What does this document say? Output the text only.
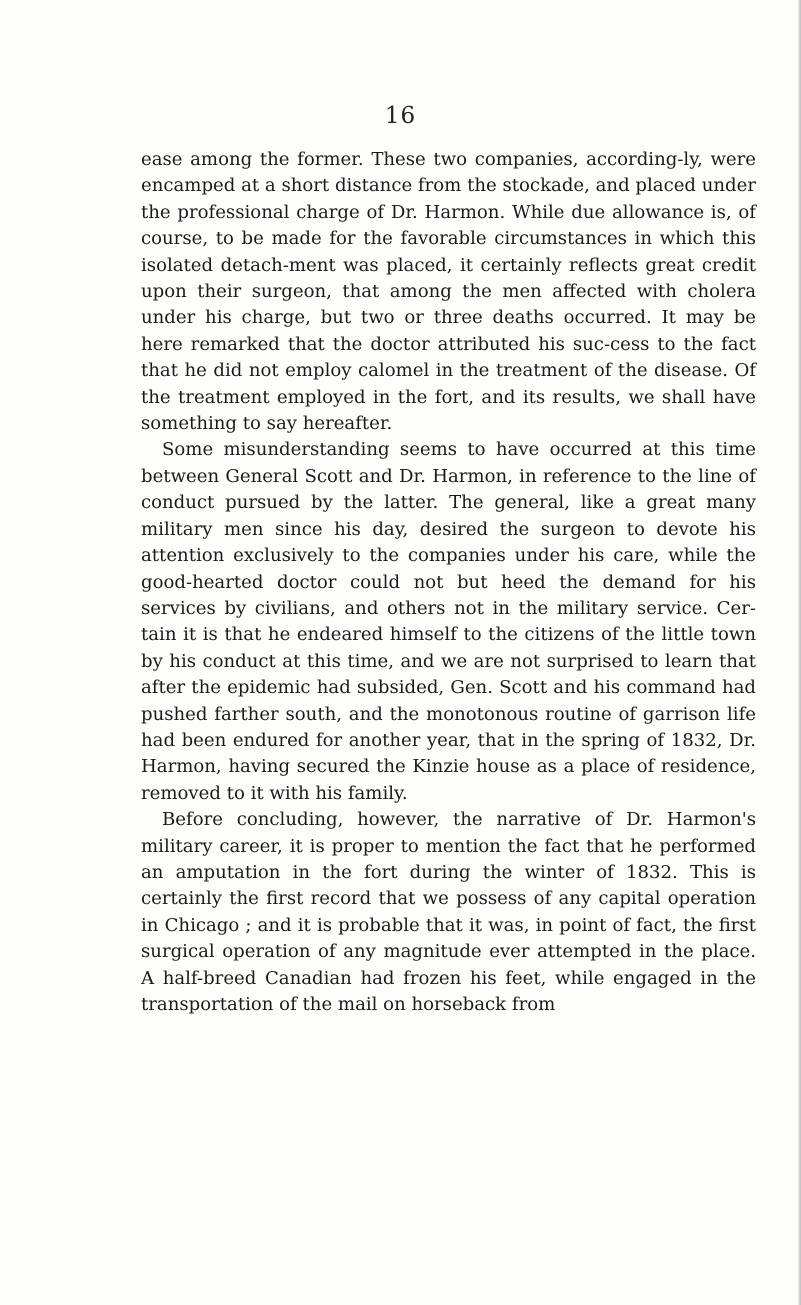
16

ease among the former. These two companies, according-ly, were encamped at a short distance from the stockade, and placed under the professional charge of Dr. Harmon. While due allowance is, of course, to be made for the favorable circumstances in which this isolated detach-ment was placed, it certainly reflects great credit upon their surgeon, that among the men affected with cholera under his charge, but two or three deaths occurred. It may be here remarked that the doctor attributed his suc-cess to the fact that he did not employ calomel in the treatment of the disease. Of the treatment employed in the fort, and its results, we shall have something to say hereafter.

Some misunderstanding seems to have occurred at this time between General Scott and Dr. Harmon, in reference to the line of conduct pursued by the latter. The general, like a great many military men since his day, desired the surgeon to devote his attention exclusively to the companies under his care, while the good-hearted doctor could not but heed the demand for his services by civilians, and others not in the military service. Cer-tain it is that he endeared himself to the citizens of the little town by his conduct at this time, and we are not surprised to learn that after the epidemic had subsided, Gen. Scott and his command had pushed farther south, and the monotonous routine of garrison life had been endured for another year, that in the spring of 1832, Dr. Harmon, having secured the Kinzie house as a place of residence, removed to it with his family.

Before concluding, however, the narrative of Dr. Harmon's military career, it is proper to mention the fact that he performed an amputation in the fort during the winter of 1832. This is certainly the first record that we possess of any capital operation in Chicago ; and it is probable that it was, in point of fact, the first surgical operation of any magnitude ever attempted in the place. A half-breed Canadian had frozen his feet, while engaged in the transportation of the mail on horseback from
